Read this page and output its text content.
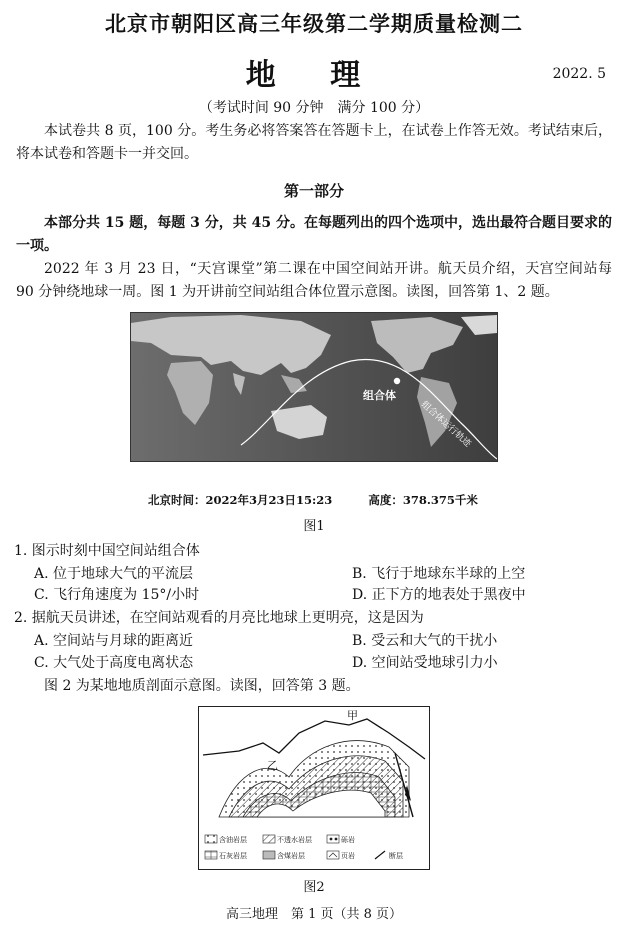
北京市朝阳区高三年级第二学期质量检测二
地 理	2022. 5
（考试时间 90 分钟　满分 100 分）
本试卷共 8 页，100 分。考生务必将答案答在答题卡上，在试卷上作答无效。考试结束后，将本试卷和答题卡一并交回。
第一部分
本部分共 15 题，每题 3 分，共 45 分。在每题列出的四个选项中，选出最符合题目要求的一项。
2022 年 3 月 23 日，“天宫课堂”第二课在中国空间站开讲。航天员介绍，天宫空间站每 90 分钟绕地球一周。图 1 为开讲前空间站组合体位置示意图。读图，回答第 1、2 题。
组合体
组合体运行轨迹
北京时间：2022年3月23日15:23	高度：378.375千米
图1
1. 图示时刻中国空间站组合体
A. 位于地球大气的平流层	B. 飞行于地球东半球的上空
C. 飞行角速度为 15°/小时	D. 正下方的地表处于黑夜中
2. 据航天员讲述，在空间站观看的月亮比地球上更明亮，这是因为
A. 空间站与月球的距离近	B. 受云和大气的干扰小
C. 大气处于高度电离状态	D. 空间站受地球引力小
图 2 为某地地质剖面示意图。读图，回答第 3 题。
甲
乙
含油岩层	不透水岩层	砾岩
石灰岩层	含煤岩层	页岩	断层
图2
高三地理　第 1 页（共 8 页）
